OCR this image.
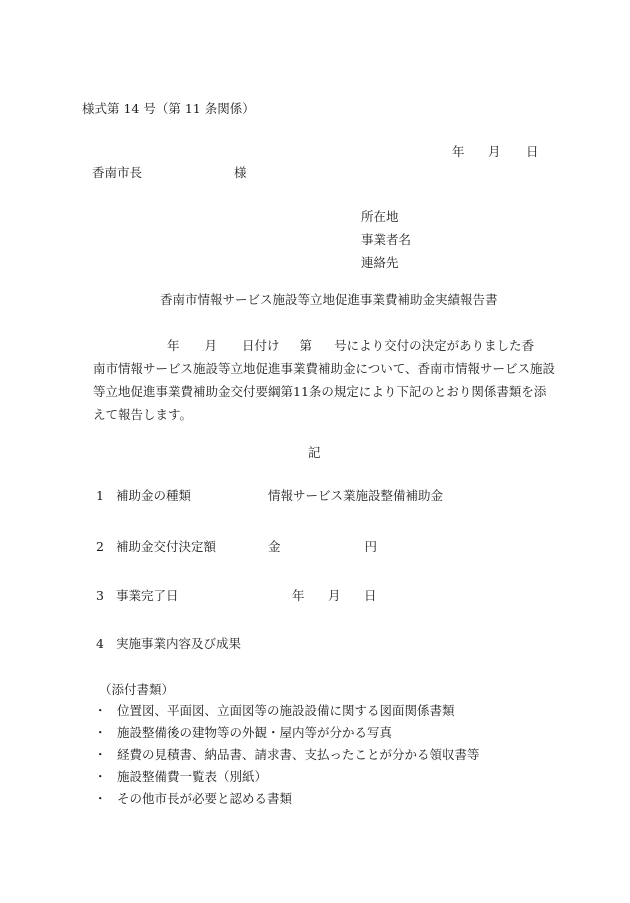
様式第 14 号（第 11 条関係）
年 月 日
香南市長	様
所在地
事業者名
連絡先
香南市情報サービス施設等立地促進事業費補助金実績報告書
年 月 日付け 第 号により交付の決定がありました香
南市情報サービス施設等立地促進事業費補助金について、香南市情報サービス施設
等立地促進事業費補助金交付要綱第11条の規定により下記のとおり関係書類を添
えて報告します。
記
1 補助金の種類	情報サービス業施設整備補助金
2 補助金交付決定額	金	円
3 事業完了日	年 月 日
4 実施事業内容及び成果
（添付書類）
・ 位置図、平面図、立面図等の施設設備に関する図面関係書類
・ 施設整備後の建物等の外観・屋内等が分かる写真
・ 経費の見積書、納品書、請求書、支払ったことが分かる領収書等
・ 施設整備費一覧表（別紙）
・ その他市長が必要と認める書類
